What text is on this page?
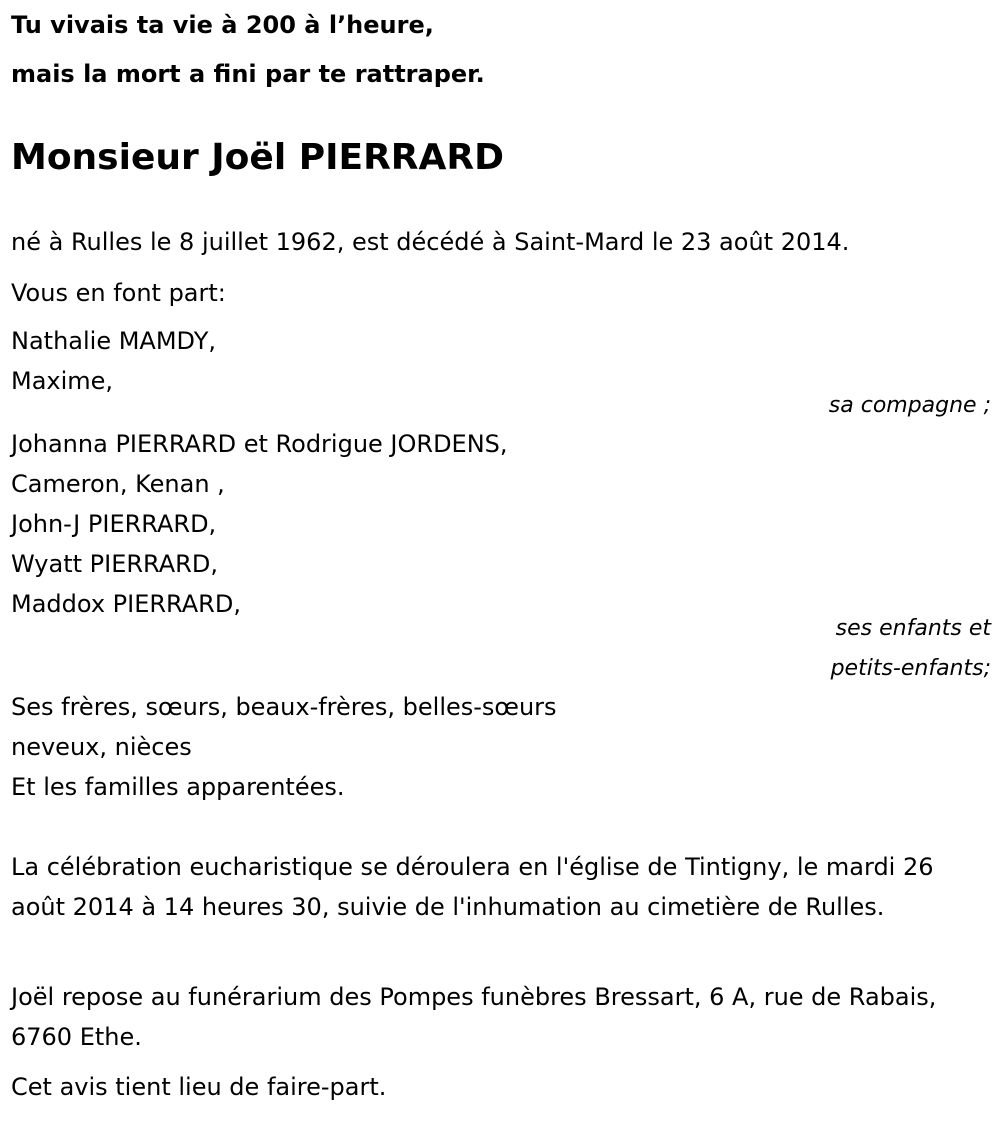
Tu vivais ta vie à 200 à l’heure,

mais la mort a fini par te rattraper.

Monsieur Joël PIERRARD
né à Rulles le 8 juillet 1962, est décédé à Saint-Mard le 23 août 2014.
Vous en font part:
Nathalie MAMDY,
Maxime,
sa compagne ;
Johanna PIERRARD et Rodrigue JORDENS,
Cameron, Kenan ,
John-J PIERRARD,
Wyatt PIERRARD,
Maddox PIERRARD,
ses enfants et
petits-enfants;
Ses frères, sœurs, beaux-frères, belles-sœurs
neveux, nièces
Et les familles apparentées.
La célébration eucharistique se déroulera en l'église de Tintigny, le mardi 26 août 2014 à 14 heures 30, suivie de l'inhumation au cimetière de Rulles.
Joël repose au funérarium des Pompes funèbres Bressart, 6 A, rue de Rabais, 6760 Ethe.
Cet avis tient lieu de faire-part.
